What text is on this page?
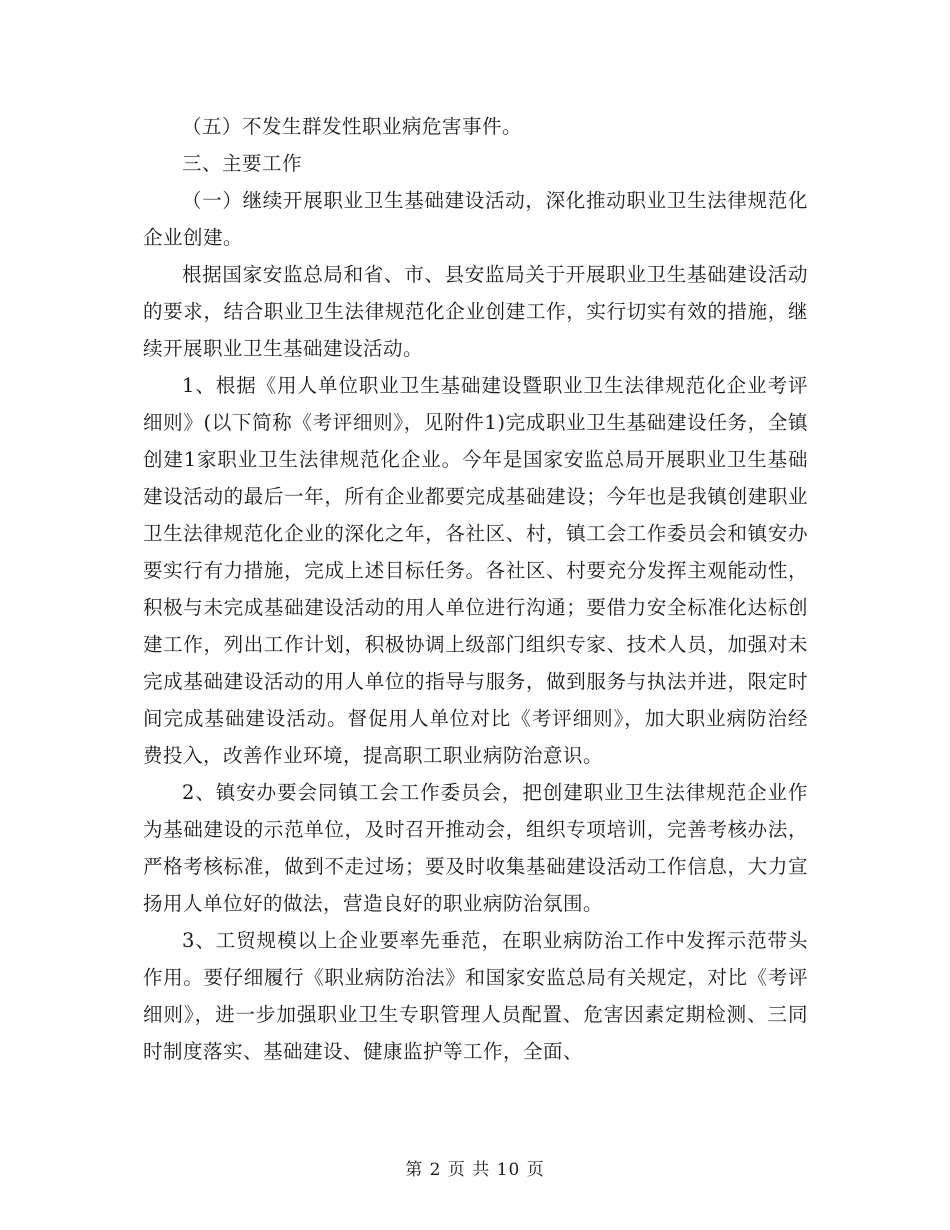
（五）不发生群发性职业病危害事件。

三、主要工作

（一）继续开展职业卫生基础建设活动，深化推动职业卫生法律规范化企业创建。

根据国家安监总局和省、市、县安监局关于开展职业卫生基础建设活动的要求，结合职业卫生法律规范化企业创建工作，实行切实有效的措施，继续开展职业卫生基础建设活动。

1、根据《用人单位职业卫生基础建设暨职业卫生法律规范化企业考评细则》(以下简称《考评细则》，见附件1)完成职业卫生基础建设任务，全镇创建1家职业卫生法律规范化企业。今年是国家安监总局开展职业卫生基础建设活动的最后一年，所有企业都要完成基础建设；今年也是我镇创建职业卫生法律规范化企业的深化之年，各社区、村，镇工会工作委员会和镇安办要实行有力措施，完成上述目标任务。各社区、村要充分发挥主观能动性，积极与未完成基础建设活动的用人单位进行沟通；要借力安全标准化达标创建工作，列出工作计划，积极协调上级部门组织专家、技术人员，加强对未完成基础建设活动的用人单位的指导与服务，做到服务与执法并进，限定时间完成基础建设活动。督促用人单位对比《考评细则》，加大职业病防治经费投入，改善作业环境，提高职工职业病防治意识。

2、镇安办要会同镇工会工作委员会，把创建职业卫生法律规范企业作为基础建设的示范单位，及时召开推动会，组织专项培训，完善考核办法，严格考核标准，做到不走过场；要及时收集基础建设活动工作信息，大力宣扬用人单位好的做法，营造良好的职业病防治氛围。

3、工贸规模以上企业要率先垂范，在职业病防治工作中发挥示范带头作用。要仔细履行《职业病防治法》和国家安监总局有关规定，对比《考评细则》，进一步加强职业卫生专职管理人员配置、危害因素定期检测、三同时制度落实、基础建设、健康监护等工作，全面、

第 2 页 共 10 页
